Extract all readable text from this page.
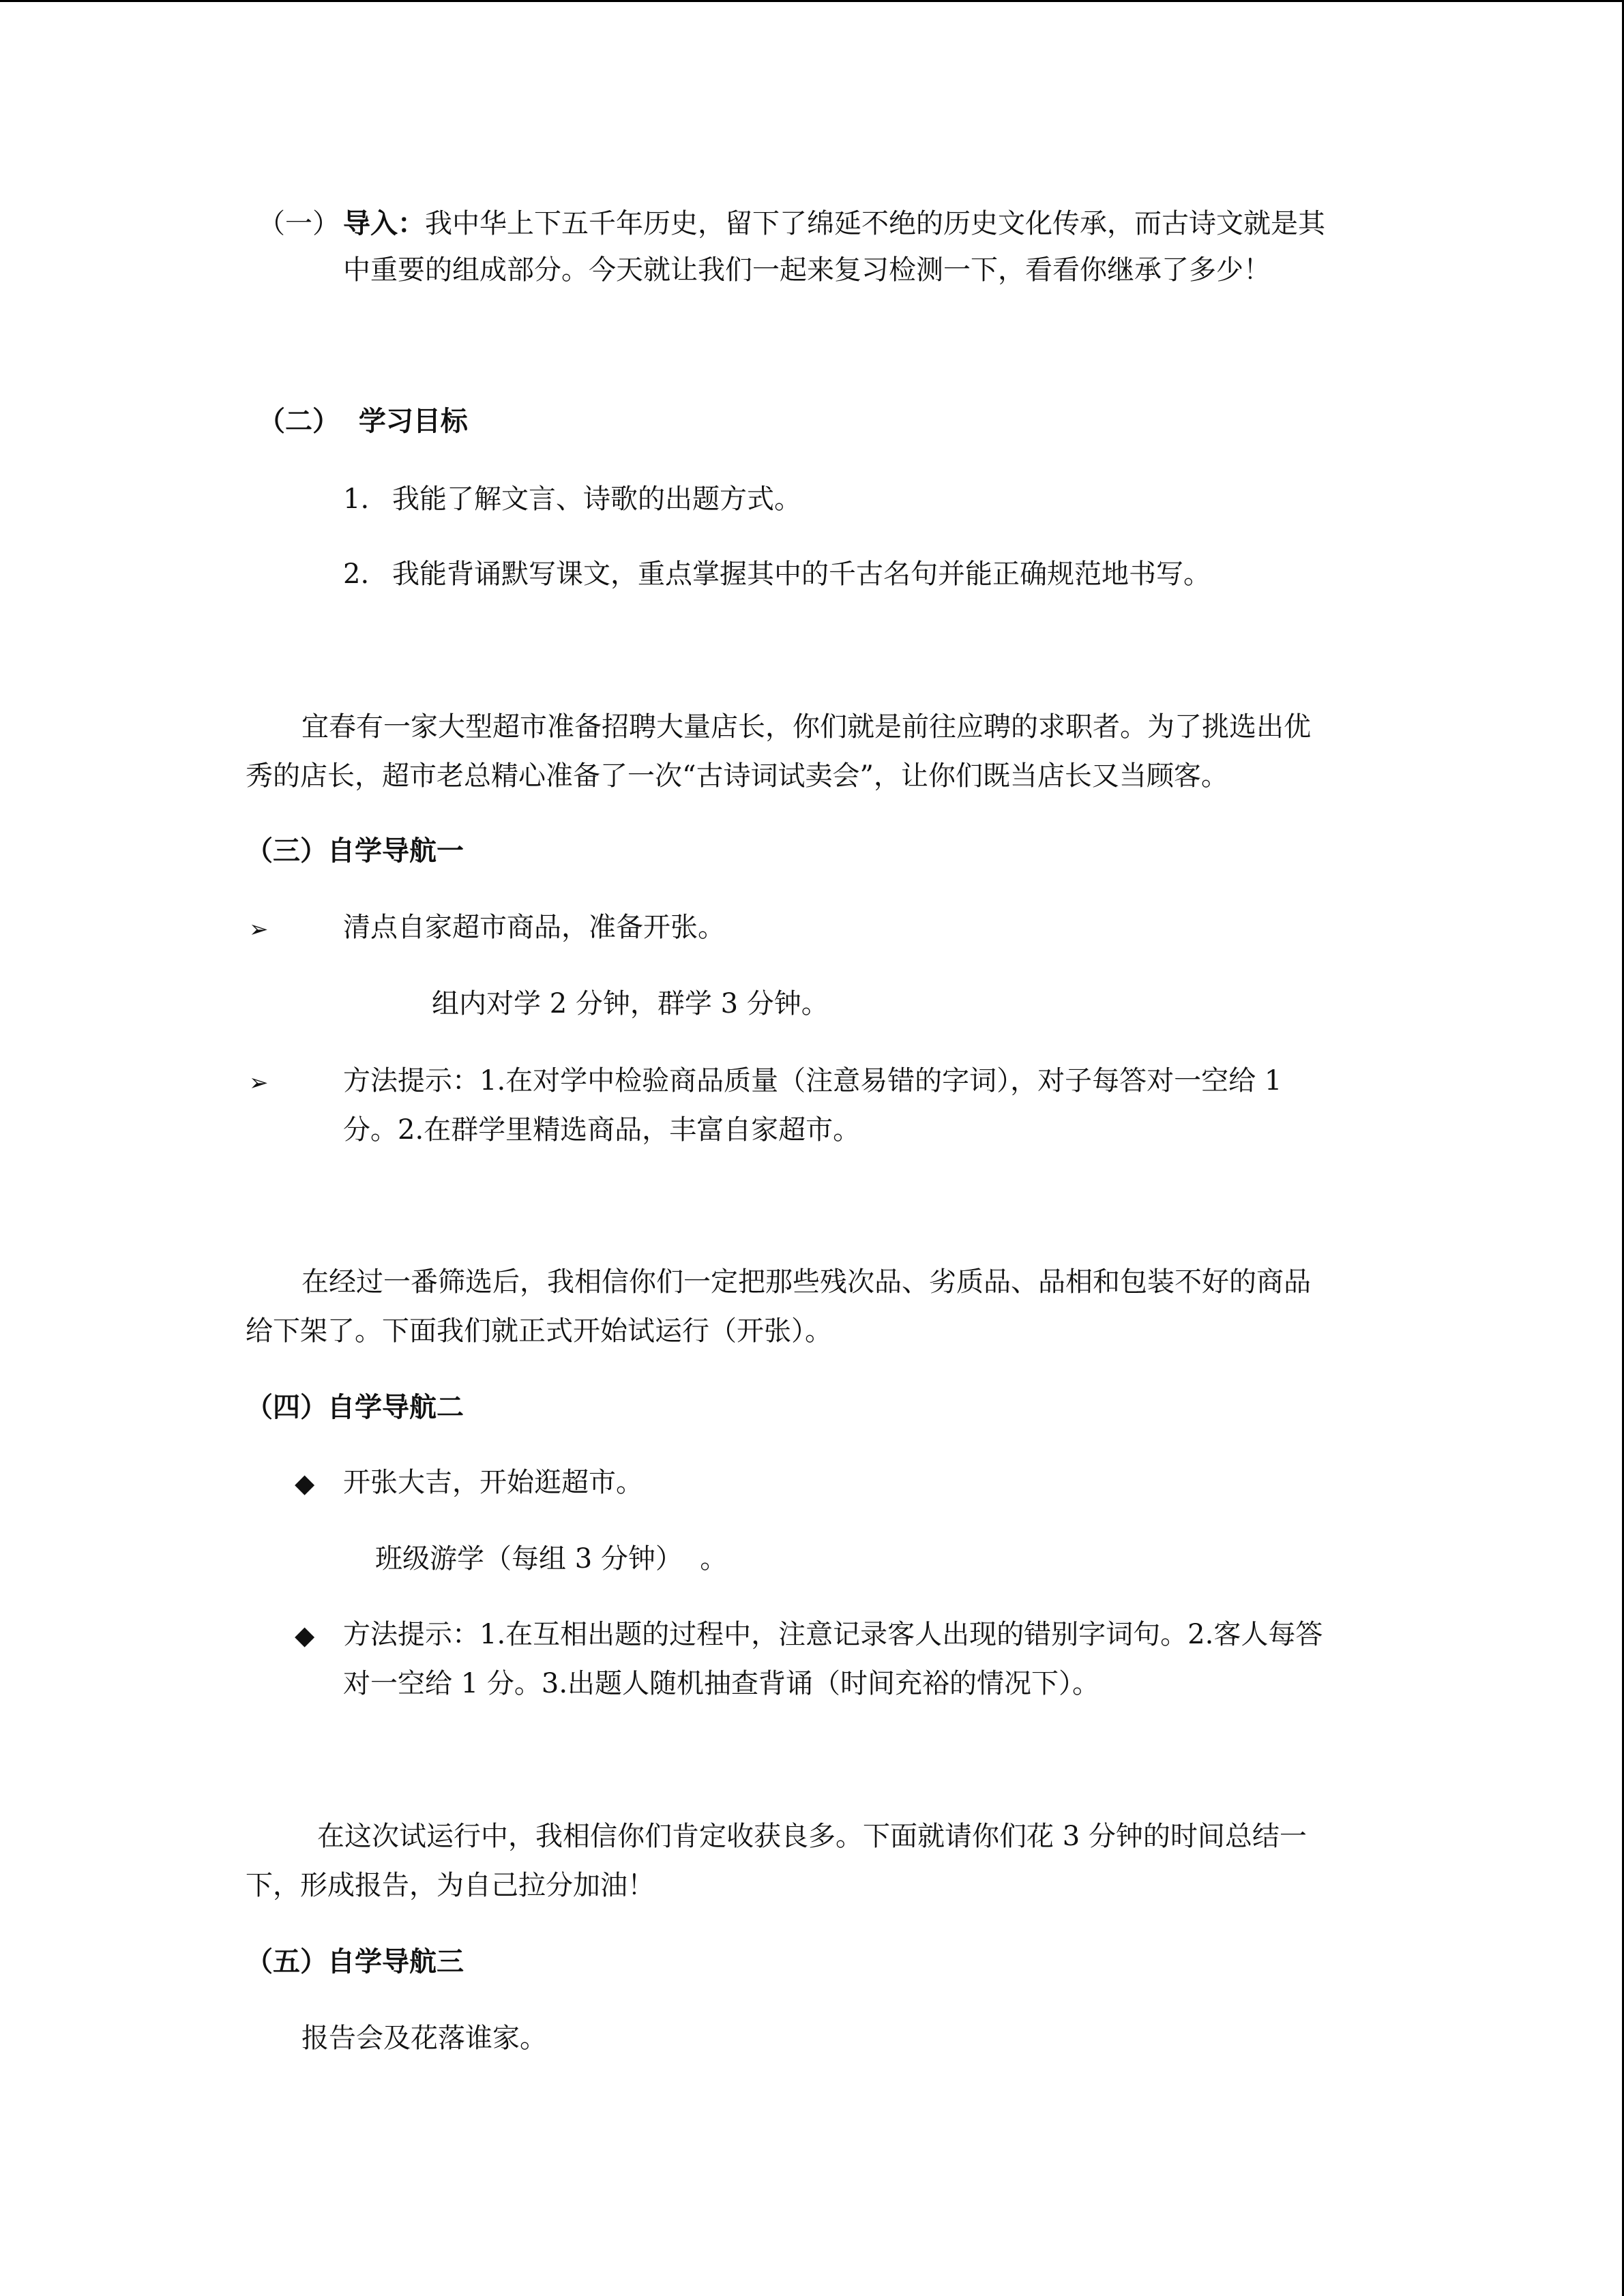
（一） 导入：我中华上下五千年历史，留下了绵延不绝的历史文化传承，而古诗文就是其
中重要的组成部分。今天就让我们一起来复习检测一下，看看你继承了多少！
（二）  学习目标
1. 我能了解文言、诗歌的出题方式。
2. 我能背诵默写课文，重点掌握其中的千古名句并能正确规范地书写。
宜春有一家大型超市准备招聘大量店长，你们就是前往应聘的求职者。为了挑选出优
秀的店长，超市老总精心准备了一次“古诗词试卖会”，让你们既当店长又当顾客。
（三）自学导航一
➢	清点自家超市商品，准备开张。
组内对学 2 分钟，群学 3 分钟。
➢	方法提示：1.在对学中检验商品质量（注意易错的字词），对子每答对一空给 1
分。2.在群学里精选商品，丰富自家超市。
在经过一番筛选后，我相信你们一定把那些残次品、劣质品、品相和包装不好的商品
给下架了。下面我们就正式开始试运行（开张）。
（四）自学导航二
◆ 开张大吉，开始逛超市。
班级游学（每组 3 分钟）  。
◆ 方法提示：1.在互相出题的过程中，注意记录客人出现的错别字词句。2.客人每答
对一空给 1 分。3.出题人随机抽查背诵（时间充裕的情况下）。
在这次试运行中，我相信你们肯定收获良多。下面就请你们花 3 分钟的时间总结一
下，形成报告，为自己拉分加油！
（五）自学导航三
报告会及花落谁家。
